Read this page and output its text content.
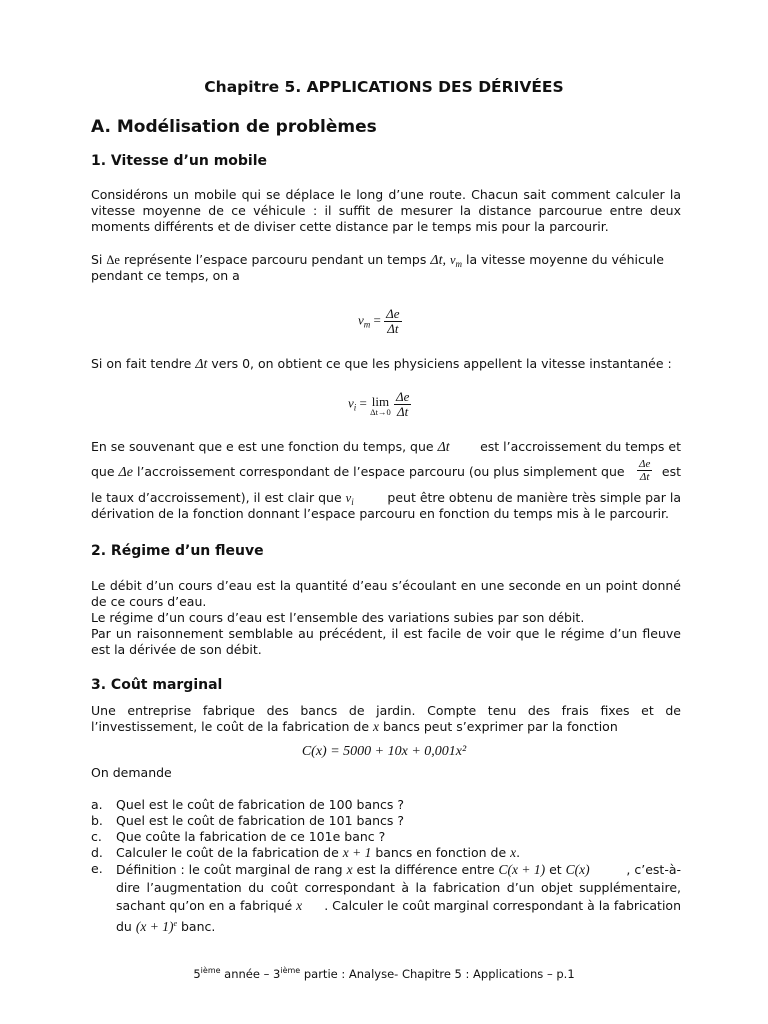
Chapitre 5. APPLICATIONS DES DÉRIVÉES
A. Modélisation de problèmes
1. Vitesse d’un mobile
Considérons un mobile qui se déplace le long d’une route. Chacun sait comment calculer la
vitesse moyenne de ce véhicule : il suffit de mesurer la distance parcourue entre deux
moments différents et de diviser cette distance par le temps mis pour la parcourir.
Si Δe représente l’espace parcouru pendant un temps Δt, $v_m$ la vitesse moyenne du véhicule
pendant ce temps, on a
$v_m = \frac{\Delta e}{\Delta t}$
Si on fait tendre Δt vers 0, on obtient ce que les physiciens appellent la vitesse instantanée :
$v_i = \lim$
Δt→0
$\frac{\Delta e}{\Delta t}$
En se souvenant que e est une fonction du temps, que Δt est l’accroissement du temps et
que Δe l’accroissement correspondant de l’espace parcouru (ou plus simplement que $\frac{\Delta e}{\Delta t}$ est
le taux d’accroissement), il est clair que $v_i$	peut être obtenu de manière très simple par la
dérivation de la fonction donnant l’espace parcouru en fonction du temps mis à le parcourir.
2. Régime d’un fleuve
Le débit d’un cours d’eau est la quantité d’eau s’écoulant en une seconde en un point donné
de ce cours d’eau.
Le régime d’un cours d’eau est l’ensemble des variations subies par son débit.
Par un raisonnement semblable au précédent, il est facile de voir que le régime d’un fleuve
est la dérivée de son débit.
3. Coût marginal
Une entreprise fabrique des bancs de jardin. Compte tenu des frais fixes et de
l’investissement, le coût de la fabrication de x bancs peut s’exprimer par la fonction
C(x) = 5000 + 10x + 0,001x²
On demande
a. Quel est le coût de fabrication de 100 bancs ?
b. Quel est le coût de fabrication de 101 bancs ?
c. Que coûte la fabrication de ce 101e banc ?
d. Calculer le coût de la fabrication de x + 1 bancs en fonction de x.
e. Définition : le coût marginal de rang x est la différence entre C(x + 1) et C(x)	, c’est-à-
dire l’augmentation du coût correspondant à la fabrication d’un objet supplémentaire,
sachant qu’on en a fabriqué x . Calculer le coût marginal correspondant à la fabrication
du $(x + 1)^e$ banc.
5ième année – 3ième partie : Analyse- Chapitre 5 : Applications – p.1
